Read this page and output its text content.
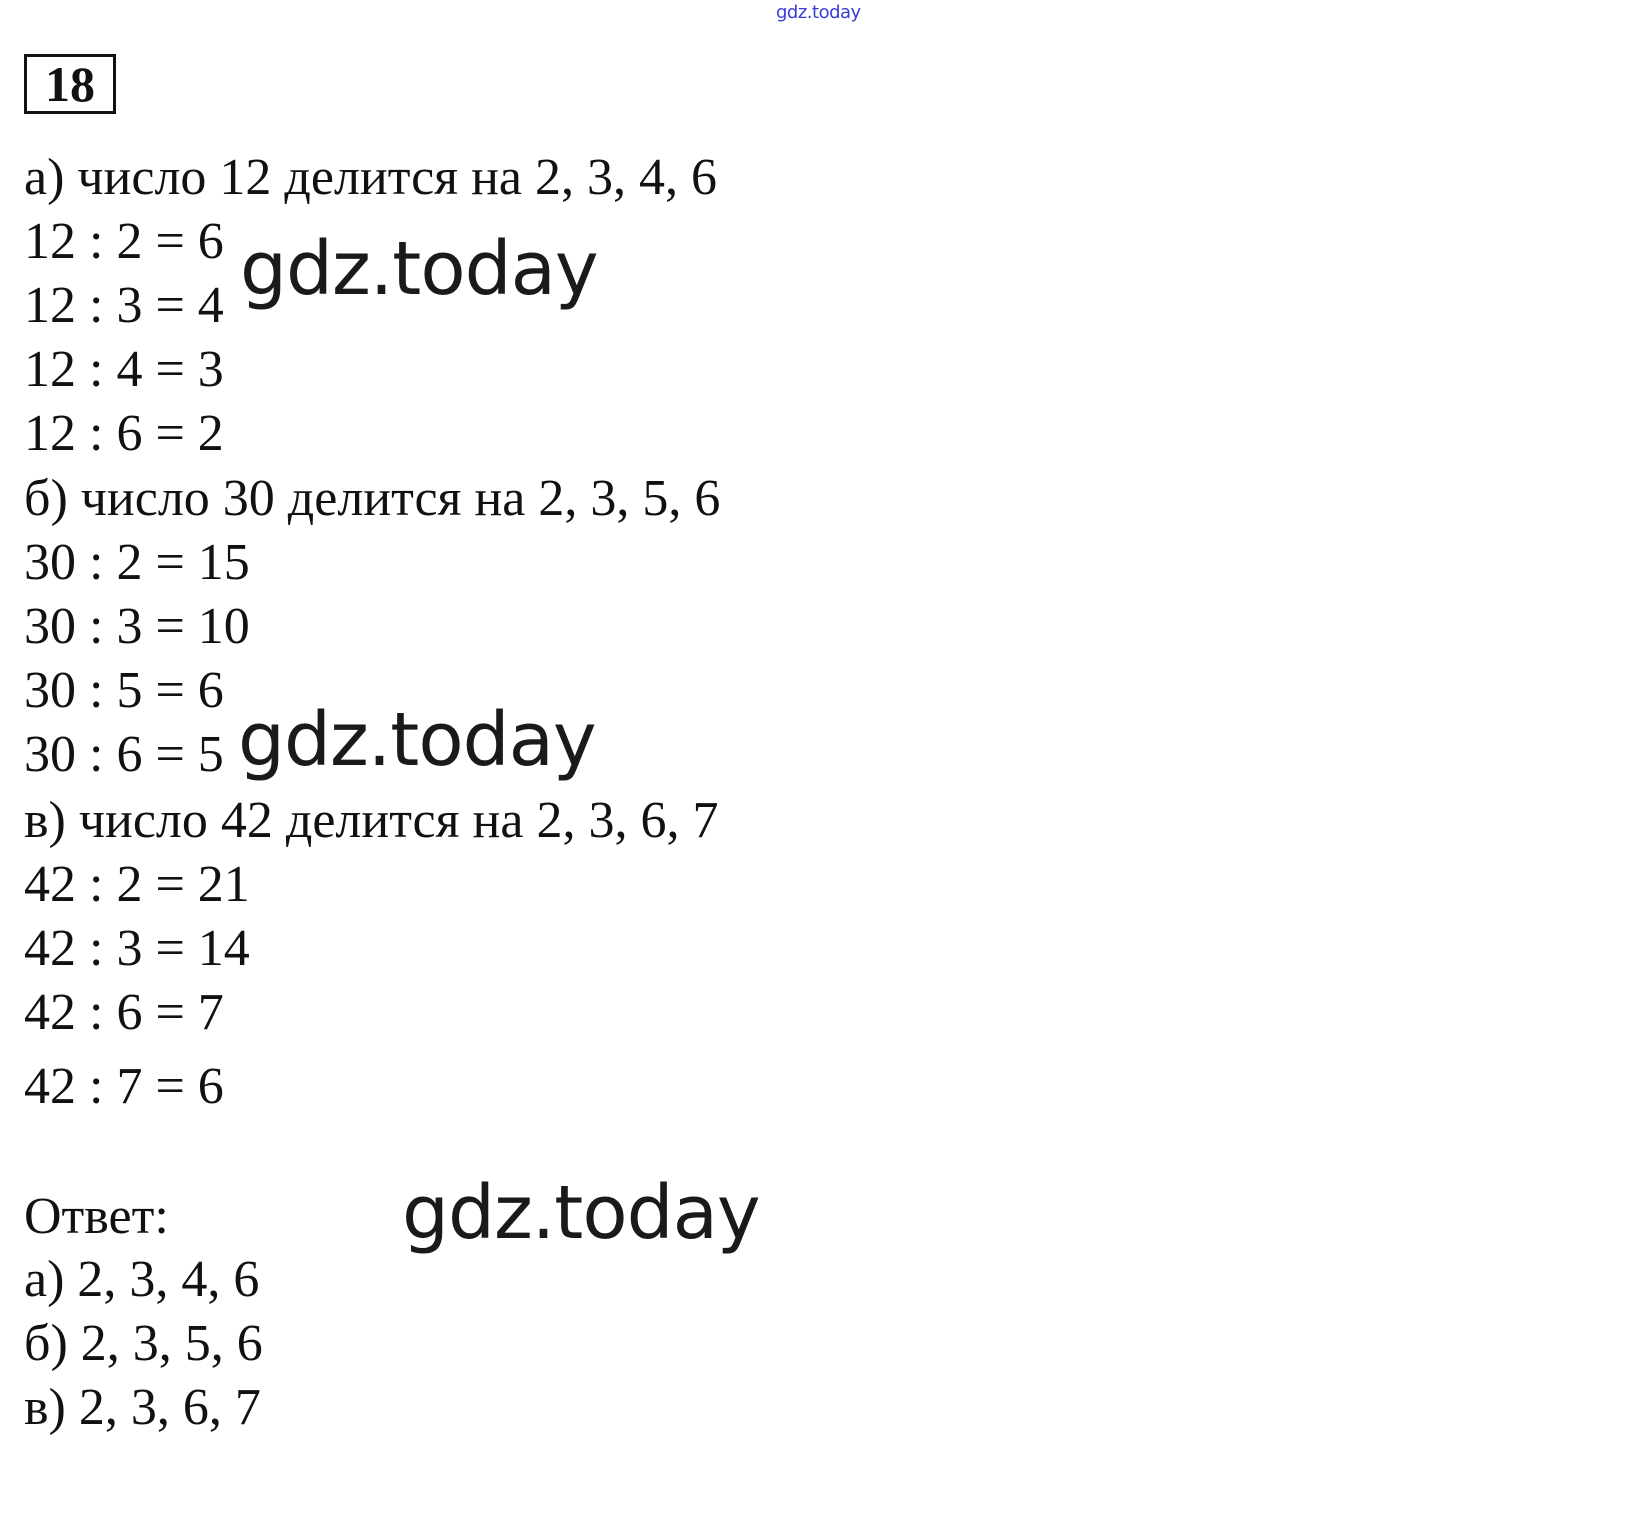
gdz.today
18
а) число 12 делится на 2, 3, 4, 6
12 : 2 = 6
12 : 3 = 4
12 : 4 = 3
12 : 6 = 2
б) число 30 делится на 2, 3, 5, 6
30 : 2 = 15
30 : 3 = 10
30 : 5 = 6
30 : 6 = 5
в) число 42 делится на 2, 3, 6, 7
42 : 2 = 21
42 : 3 = 14
42 : 6 = 7
42 : 7 = 6
Ответ:
а) 2, 3, 4, 6
б) 2, 3, 5, 6
в) 2, 3, 6, 7
gdz.today
gdz.today
gdz.today
